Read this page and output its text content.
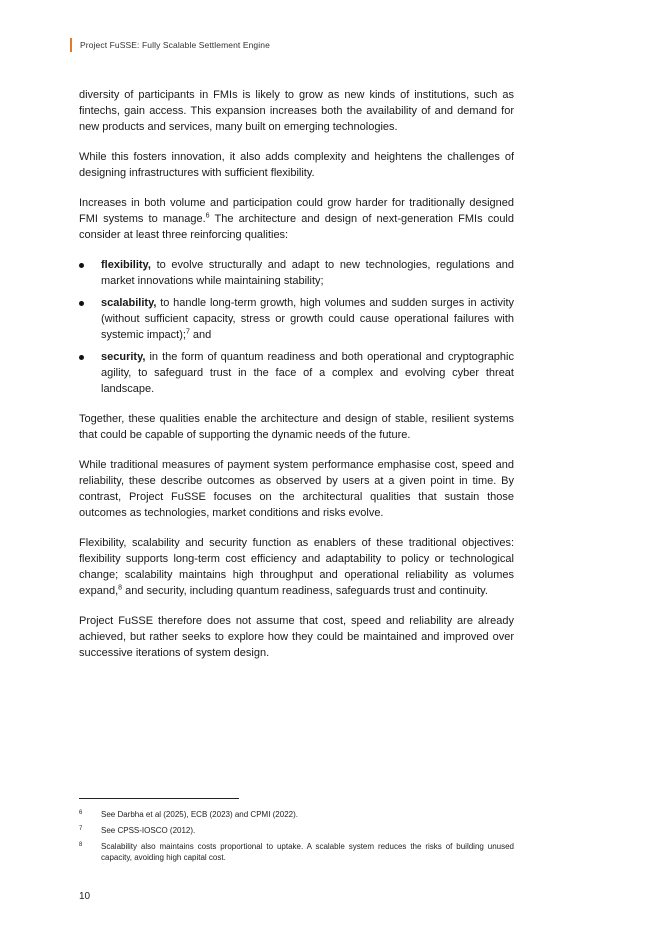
Project FuSSE: Fully Scalable Settlement Engine

diversity of participants in FMIs is likely to grow as new kinds of institutions, such as fintechs, gain access. This expansion increases both the availability of and demand for new products and services, many built on emerging technologies.

While this fosters innovation, it also adds complexity and heightens the challenges of designing infrastructures with sufficient flexibility.

Increases in both volume and participation could grow harder for traditionally designed FMI systems to manage.$^6$ The architecture and design of next-generation FMIs could consider at least three reinforcing qualities:

flexibility, to evolve structurally and adapt to new technologies, regulations and market innovations while maintaining stability;
scalability, to handle long-term growth, high volumes and sudden surges in activity (without sufficient capacity, stress or growth could cause operational failures with systemic impact);$^7$ and
security, in the form of quantum readiness and both operational and cryptographic agility, to safeguard trust in the face of a complex and evolving cyber threat landscape.

Together, these qualities enable the architecture and design of stable, resilient systems that could be capable of supporting the dynamic needs of the future.

While traditional measures of payment system performance emphasise cost, speed and reliability, these describe outcomes as observed by users at a given point in time. By contrast, Project FuSSE focuses on the architectural qualities that sustain those outcomes as technologies, market conditions and risks evolve.

Flexibility, scalability and security function as enablers of these traditional objectives: flexibility supports long-term cost efficiency and adaptability to policy or technological change; scalability maintains high throughput and operational reliability as volumes expand,$^8$ and security, including quantum readiness, safeguards trust and continuity.

Project FuSSE therefore does not assume that cost, speed and reliability are already achieved, but rather seeks to explore how they could be maintained and improved over successive iterations of system design.

6	See Darbha et al (2025), ECB (2023) and CPMI (2022).
7	See CPSS-IOSCO (2012).
8	Scalability also maintains costs proportional to uptake. A scalable system reduces the risks of building unused capacity, avoiding high capital cost.
10
